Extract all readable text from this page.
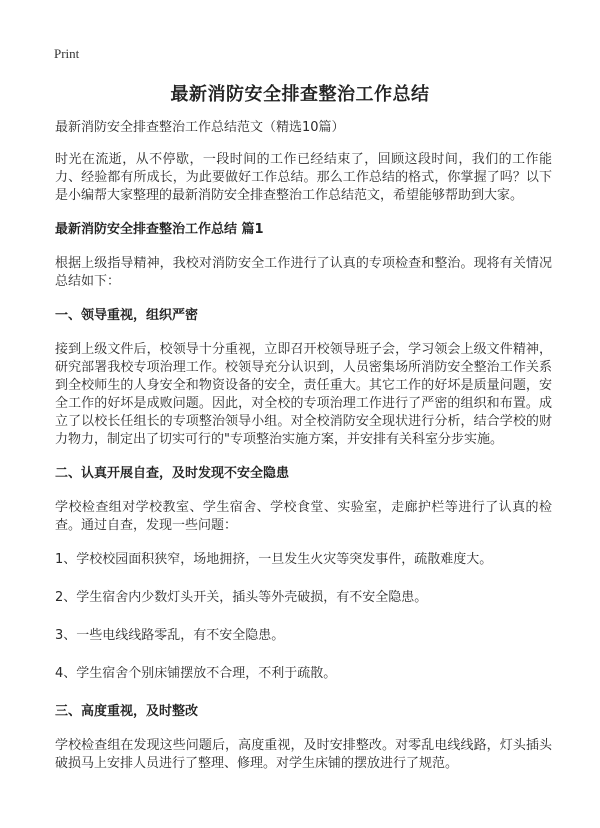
Print
最新消防安全排查整治工作总结

最新消防安全排查整治工作总结范文（精选10篇）

时光在流逝，从不停歇，一段时间的工作已经结束了，回顾这段时间，我们的工作能力、经验都有所成长，为此要做好工作总结。那么工作总结的格式，你掌握了吗？以下是小编帮大家整理的最新消防安全排查整治工作总结范文，希望能够帮助到大家。

最新消防安全排查整治工作总结 篇1

根据上级指导精神，我校对消防安全工作进行了认真的专项检查和整治。现将有关情况总结如下：

一、领导重视，组织严密

接到上级文件后，校领导十分重视，立即召开校领导班子会，学习领会上级文件精神，研究部署我校专项治理工作。校领导充分认识到，人员密集场所消防安全整治工作关系到全校师生的人身安全和物资设备的安全，责任重大。其它工作的好坏是质量问题，安全工作的好坏是成败问题。因此，对全校的专项治理工作进行了严密的组织和布置。成立了以校长任组长的专项整治领导小组。对全校消防安全现状进行分析，结合学校的财力物力，制定出了切实可行的"专项整治实施方案，并安排有关科室分步实施。

二、认真开展自查，及时发现不安全隐患

学校检查组对学校教室、学生宿舍、学校食堂、实验室，走廊护栏等进行了认真的检查。通过自查，发现一些问题：

1、学校校园面积狭窄，场地拥挤，一旦发生火灾等突发事件，疏散难度大。

2、学生宿舍内少数灯头开关，插头等外壳破损，有不安全隐患。

3、一些电线线路零乱，有不安全隐患。

4、学生宿舍个别床铺摆放不合理，不利于疏散。

三、高度重视，及时整改

学校检查组在发现这些问题后，高度重视，及时安排整改。对零乱电线线路，灯头插头破损马上安排人员进行了整理、修理。对学生床铺的摆放进行了规范。
